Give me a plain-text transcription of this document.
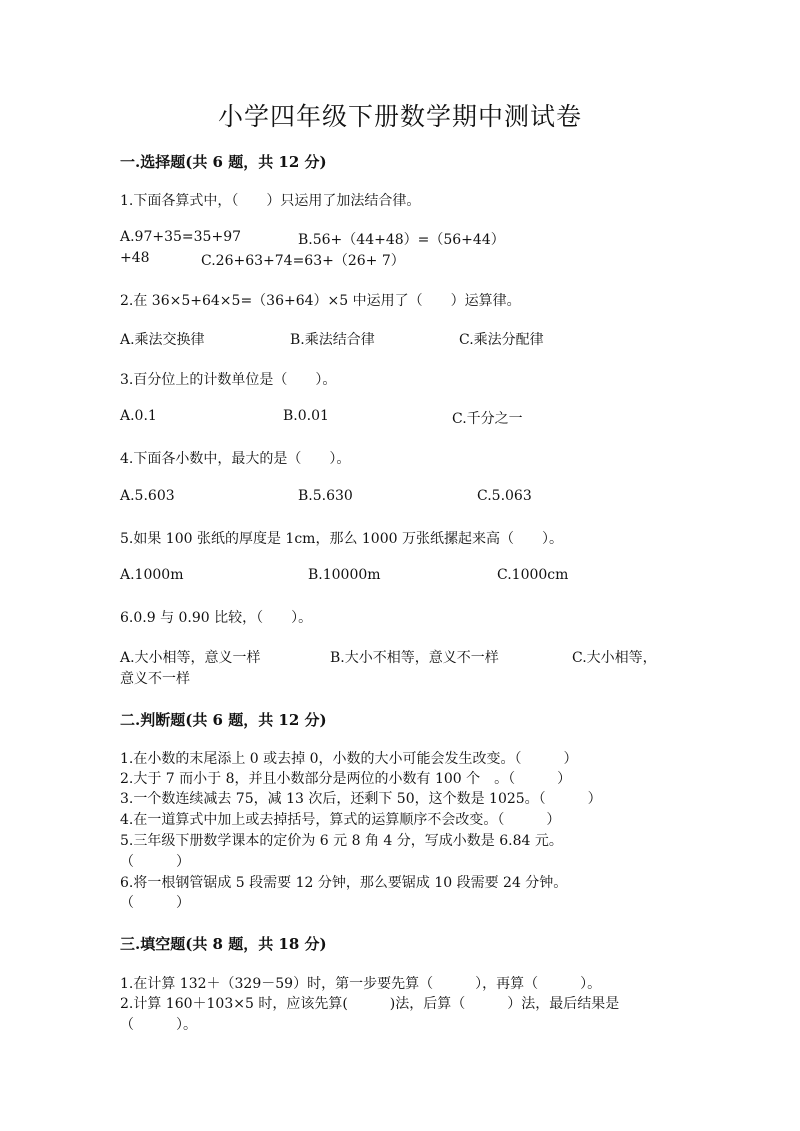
小学四年级下册数学期中测试卷
一.选择题(共 6 题，共 12 分)
1.下面各算式中，（　　）只运用了加法结合律。
A.97+35=35+97	B.56+（44+48）=（56+44）
+48	C.26+63+74=63+（26+ 7）
2.在 36×5+64×5=（36+64）×5 中运用了（　　）运算律。
A.乘法交换律	B.乘法结合律	C.乘法分配律
3.百分位上的计数单位是（　　）。
A.0.1	B.0.01	C.千分之一
4.下面各小数中，最大的是（　　）。
A.5.603	B.5.630	C.5.063
5.如果 100 张纸的厚度是 1cm，那么 1000 万张纸摞起来高（　　）。
A.1000m	B.10000m	C.1000cm
6.0.9 与 0.90 比较，（　　）。
A.大小相等，意义一样	B.大小不相等，意义不一样	C.大小相等，
意义不一样
二.判断题(共 6 题，共 12 分)
1.在小数的末尾添上 0 或去掉 0，小数的大小可能会发生改变。（　　　）
2.大于 7 而小于 8，并且小数部分是两位的小数有 100 个　。（　　　）
3.一个数连续减去 75，减 13 次后，还剩下 50，这个数是 1025。（　　　）
4.在一道算式中加上或去掉括号，算式的运算顺序不会改变。（　　　）
5.三年级下册数学课本的定价为 6 元 8 角 4 分，写成小数是 6.84 元。
（　　　）
6.将一根钢管锯成 5 段需要 12 分钟，那么要锯成 10 段需要 24 分钟。
（　　　）
三.填空题(共 8 题，共 18 分)
1.在计算 132＋（329－59）时，第一步要先算（　　　），再算（　　　）。
2.计算 160＋103×5 时，应该先算(　　　)法，后算（　　　）法，最后结果是
（　　　）。
